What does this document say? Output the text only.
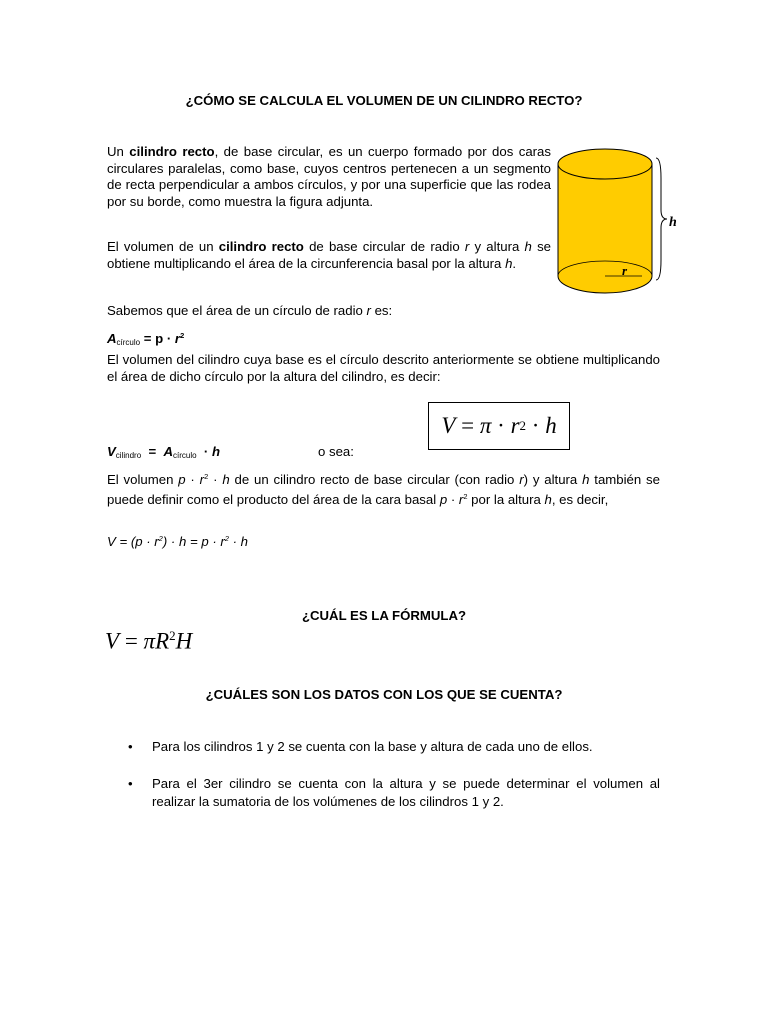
¿CÓMO SE CALCULA EL VOLUMEN DE UN CILINDRO RECTO?

Un cilindro recto, de base circular, es un cuerpo formado por dos caras circulares paralelas, como base, cuyos centros pertenecen a un segmento de recta perpendicular a ambos círculos, y por una superficie que las rodea por su borde, como muestra la figura adjunta.

El volumen de un cilindro recto de base circular de radio r y altura h se obtiene multiplicando el área de la circunferencia basal por la altura h.

Sabemos que el área de un círculo de radio r es:

$A_{círculo} = p \cdot r^2$

El volumen del cilindro cuya base es el círculo descrito anteriormente se obtiene multiplicando el área de dicho círculo por la altura del cilindro, es decir:

V = π · r 2 · h

$V_{cilindro} = A_{círculo} \cdot h$	o sea:

El volumen $p \cdot r^2 \cdot h$ de un cilindro recto de base circular (con radio r) y altura h también se puede definir como el producto del área de la cara basal $p \cdot r^2$ por la altura h, es decir,

$V = (p \cdot r^2) \cdot h = p \cdot r^2 \cdot h$

r
h

¿CUÁL ES LA FÓRMULA?

$V = \pi R^2H$

¿CUÁLES SON LOS DATOS CON LOS QUE SE CUENTA?

• Para los cilindros 1 y 2 se cuenta con la base y altura de cada uno de ellos.
• Para el 3er cilindro se cuenta con la altura y se puede determinar el volumen al realizar la sumatoria de los volúmenes de los cilindros 1 y 2.
